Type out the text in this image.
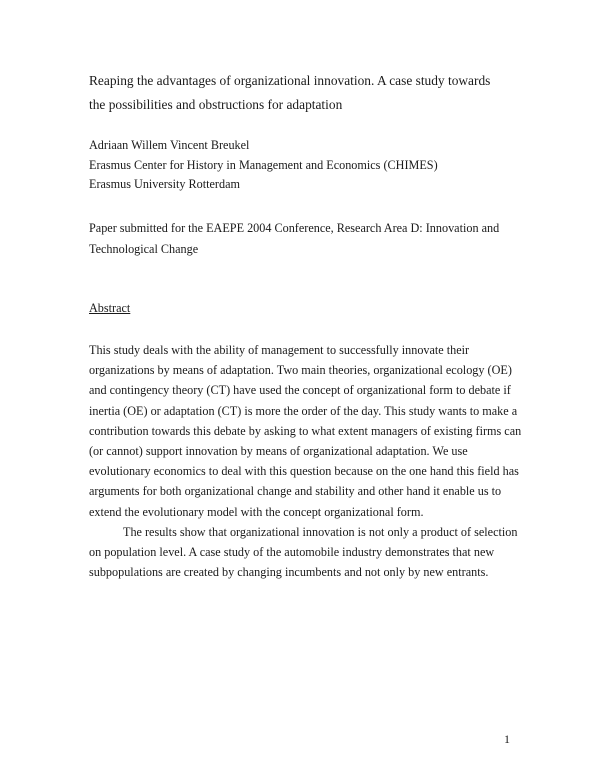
Reaping the advantages of organizational innovation. A case study towards
the possibilities and obstructions for adaptation
Adriaan Willem Vincent Breukel
Erasmus Center for History in Management and Economics (CHIMES)
Erasmus University Rotterdam
Paper submitted for the EAEPE 2004 Conference, Research Area D: Innovation and
Technological Change
Abstract
This study deals with the ability of management to successfully innovate their
organizations by means of adaptation. Two main theories, organizational ecology (OE)
and contingency theory (CT) have used the concept of organizational form to debate if
inertia (OE) or adaptation (CT) is more the order of the day. This study wants to make a
contribution towards this debate by asking to what extent managers of existing firms can
(or cannot) support innovation by means of organizational adaptation. We use
evolutionary economics to deal with this question because on the one hand this field has
arguments for both organizational change and stability and other hand it enable us to
extend the evolutionary model with the concept organizational form.
The results show that organizational innovation is not only a product of selection
on population level. A case study of the automobile industry demonstrates that new
subpopulations are created by changing incumbents and not only by new entrants.
1
